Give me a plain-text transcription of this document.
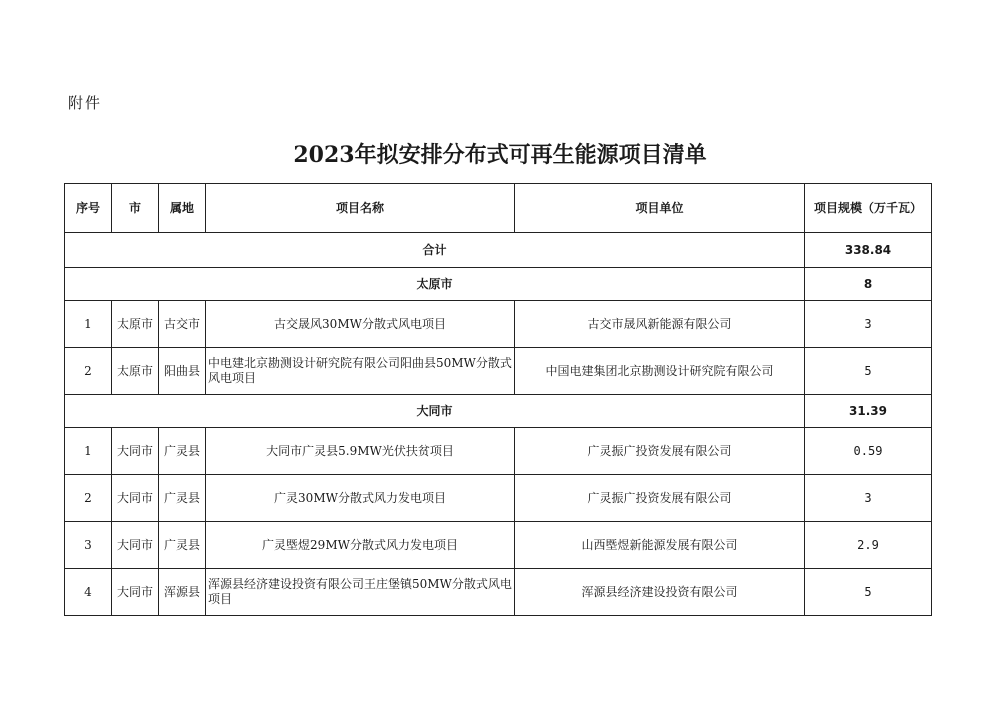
附件
2023年拟安排分布式可再生能源项目清单
序号	市	属地	项目名称	项目单位	项目规模（万千瓦）
合计					338.84
太原市					8
1	太原市	古交市	古交晟风30MW分散式风电项目	古交市晟风新能源有限公司	3
2	太原市	阳曲县	中电建北京勘测设计研究院有限公司阳曲县50MW分散式风电项目	中国电建集团北京勘测设计研究院有限公司	5
大同市					31.39
1	大同市	广灵县	大同市广灵县5.9MW光伏扶贫项目	广灵振广投资发展有限公司	0.59
2	大同市	广灵县	广灵30MW分散式风力发电项目	广灵振广投资发展有限公司	3
3	大同市	广灵县	广灵塈煜29MW分散式风力发电项目	山西塈煜新能源发展有限公司	2.9
4	大同市	浑源县	浑源县经济建设投资有限公司王庄堡镇50MW分散式风电项目	浑源县经济建设投资有限公司	5
